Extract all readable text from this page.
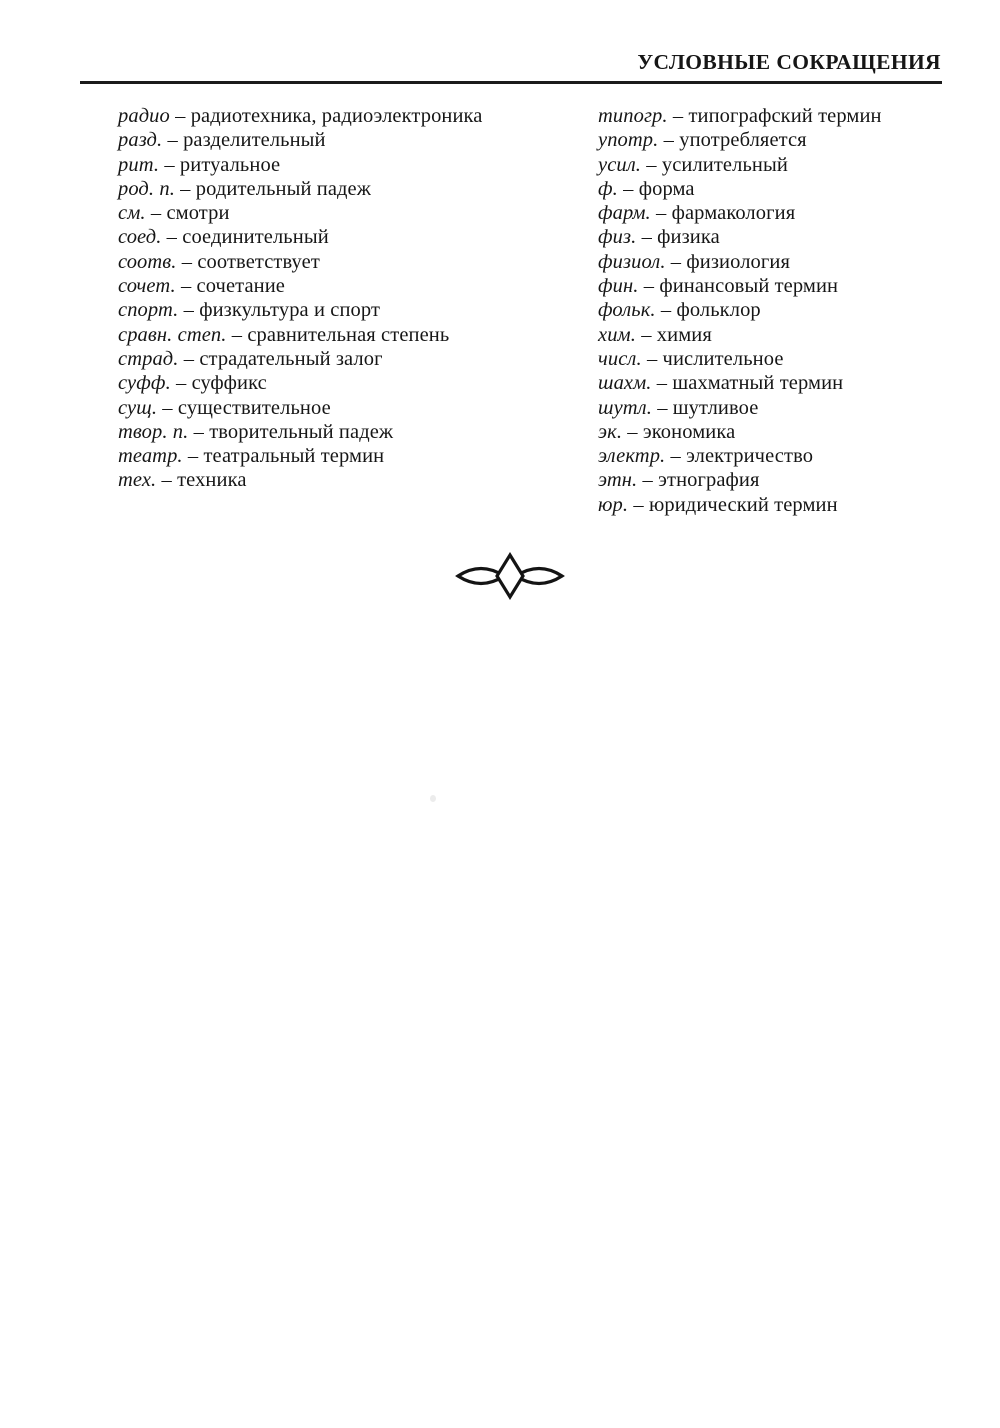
УСЛОВНЫЕ СОКРАЩЕНИЯ

радио – радиотехника, радиоэлектроника

разд. – разделительный

рит. – ритуальное

род. п. – родительный падеж

см. – смотри

соед. – соединительный

соотв. – соответствует

сочет. – сочетание

спорт. – физкультура и спорт

сравн. степ. – сравнительная степень

страд. – страдательный залог

суфф. – суффикс

сущ. – существительное

твор. п. – творительный падеж

театр. – театральный термин

тех. – техника

типогр. – типографский термин

употр. – употребляется

усил. – усилительный

ф. – форма

фарм. – фармакология

физ. – физика

физиол. – физиология

фин. – финансовый термин

фольк. – фольклор

хим. – химия

числ. – числительное

шахм. – шахматный термин

шутл. – шутливое

эк. – экономика

электр. – электричество

этн. – этнография

юр. – юридический термин
